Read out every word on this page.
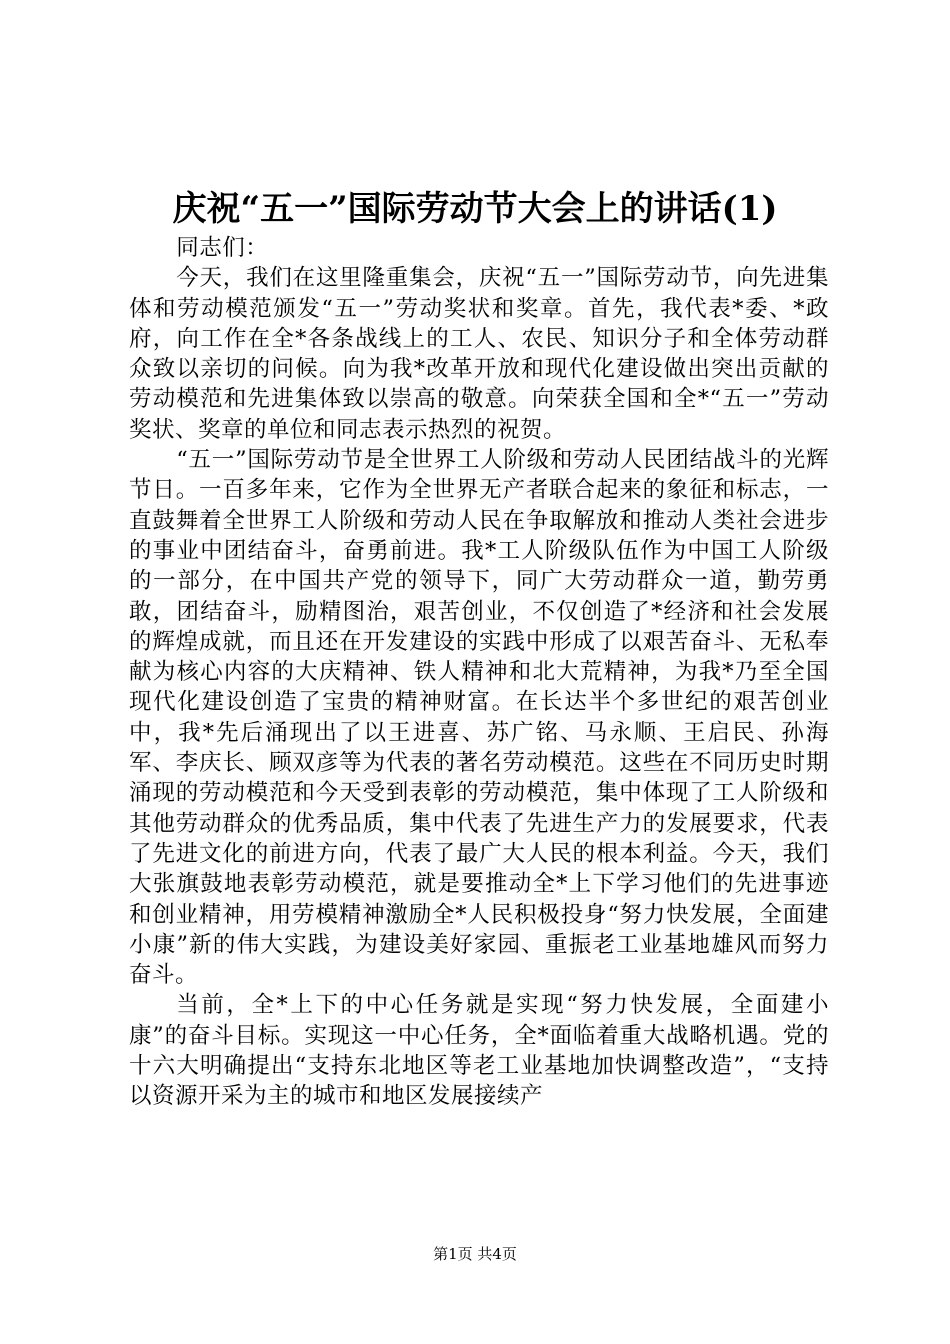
庆祝“五一”国际劳动节大会上的讲话(1)

同志们：

今天，我们在这里隆重集会，庆祝“五一”国际劳动节，向先进集体和劳动模范颁发“五一”劳动奖状和奖章。首先，我代表*委、*政府，向工作在全*各条战线上的工人、农民、知识分子和全体劳动群众致以亲切的问候。向为我*改革开放和现代化建设做出突出贡献的劳动模范和先进集体致以崇高的敬意。向荣获全国和全*“五一”劳动奖状、奖章的单位和同志表示热烈的祝贺。

“五一”国际劳动节是全世界工人阶级和劳动人民团结战斗的光辉节日。一百多年来，它作为全世界无产者联合起来的象征和标志，一直鼓舞着全世界工人阶级和劳动人民在争取解放和推动人类社会进步的事业中团结奋斗，奋勇前进。我*工人阶级队伍作为中国工人阶级的一部分，在中国共产党的领导下，同广大劳动群众一道，勤劳勇敢，团结奋斗，励精图治，艰苦创业，不仅创造了*经济和社会发展的辉煌成就，而且还在开发建设的实践中形成了以艰苦奋斗、无私奉献为核心内容的大庆精神、铁人精神和北大荒精神，为我*乃至全国现代化建设创造了宝贵的精神财富。在长达半个多世纪的艰苦创业中，我*先后涌现出了以王进喜、苏广铭、马永顺、王启民、孙海军、李庆长、顾双彦等为代表的著名劳动模范。这些在不同历史时期涌现的劳动模范和今天受到表彰的劳动模范，集中体现了工人阶级和其他劳动群众的优秀品质，集中代表了先进生产力的发展要求，代表了先进文化的前进方向，代表了最广大人民的根本利益。今天，我们大张旗鼓地表彰劳动模范，就是要推动全*上下学习他们的先进事迹和创业精神，用劳模精神激励全*人民积极投身“努力快发展，全面建小康”新的伟大实践，为建设美好家园、重振老工业基地雄风而努力奋斗。

当前，全*上下的中心任务就是实现“努力快发展，全面建小康”的奋斗目标。实现这一中心任务，全*面临着重大战略机遇。党的十六大明确提出“支持东北地区等老工业基地加快调整改造”，“支持以资源开采为主的城市和地区发展接续产

第1页 共4页
